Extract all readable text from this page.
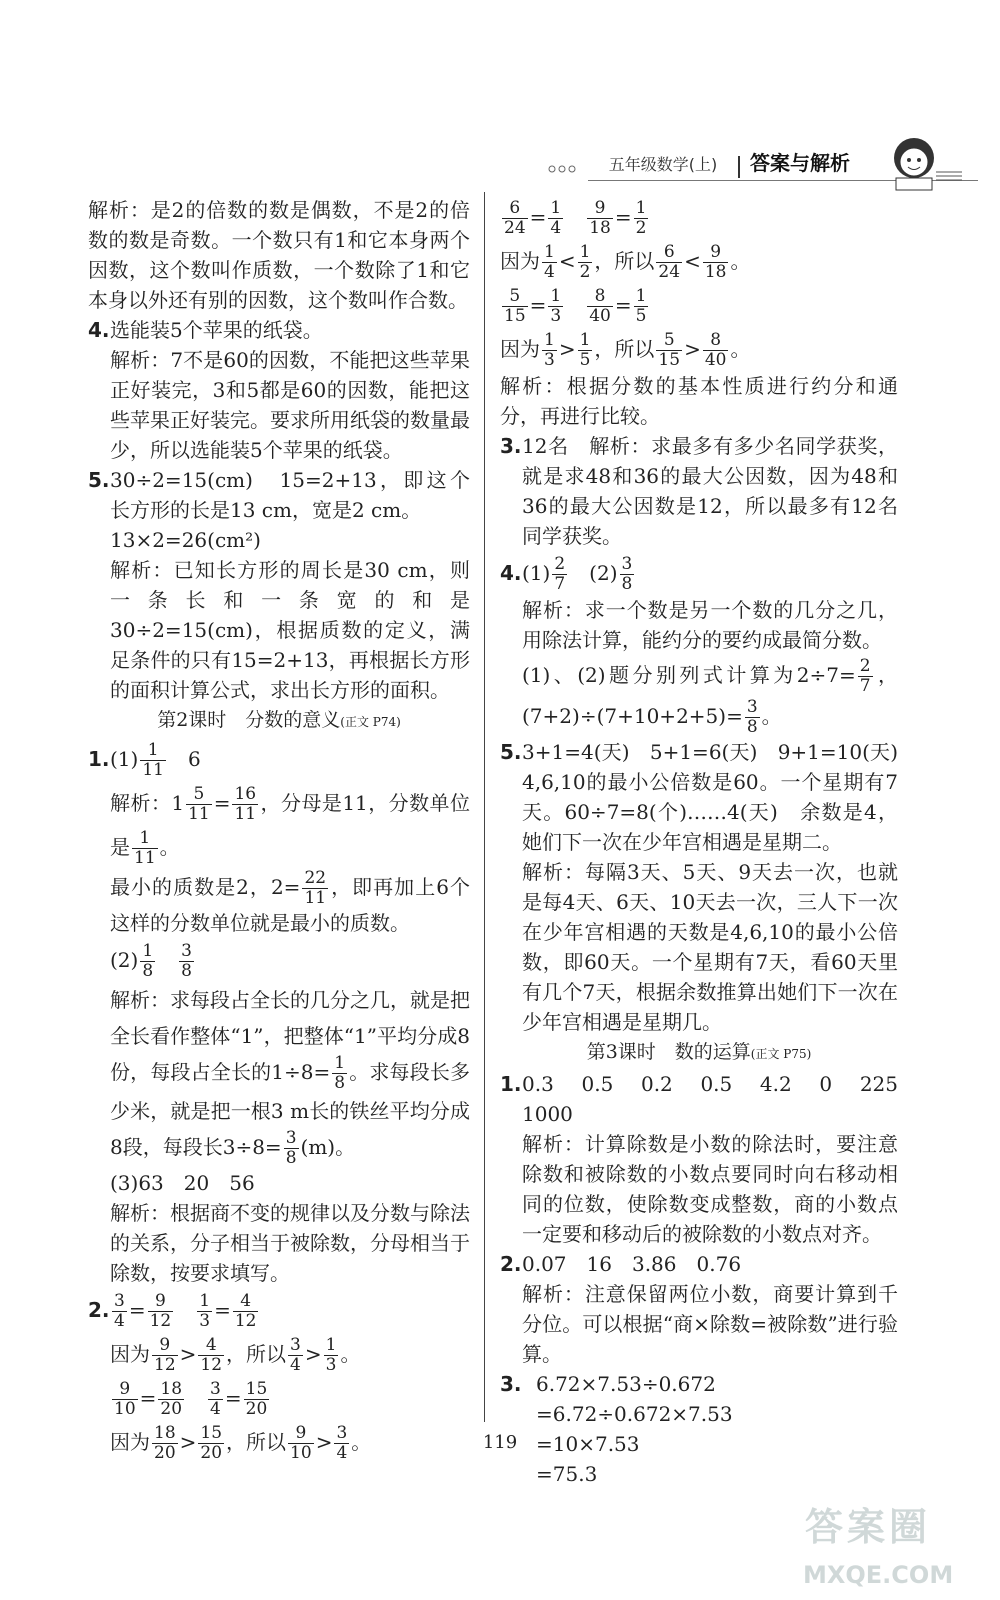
五年级数学(上)	答案与解析

解析：是2的倍数的数是偶数，不是2的倍数的数是奇数。一个数只有1和它本身两个因数，这个数叫作质数，一个数除了1和它本身以外还有别的因数，这个数叫作合数。

4.选能装5个苹果的纸袋。

解析：7不是60的因数，不能把这些苹果正好装完，3和5都是60的因数，能把这些苹果正好装完。要求所用纸袋的数量最少，所以选能装5个苹果的纸袋。

5.30÷2=15(cm)　15=2+13，即这个长方形的长是13 cm，宽是2 cm。

13×2=26(cm²)

解析：已知长方形的周长是30 cm，则一条长和一条宽的和是30÷2=15(cm)，根据质数的定义，满足条件的只有15=2+13，再根据长方形的面积计算公式，求出长方形的面积。

第2课时　分数的意义(正文 P74)

$1.(1) \frac{1}{11}$ 　6

解析：$1 \frac{5}{11} = \frac{16}{11}$ ，分母是11，分数单位是 $\frac{1}{11}$ 。

最小的质数是2，$2= \frac{22}{11}$ ，即再加上6个这样的分数单位就是最小的质数。

$(2) \frac{1}{8}$
　 $\frac{3}{8}$

解析：求每段占全长的几分之几，就是把全长看作整体“1”，把整体“1”平均分成8份，每段占全长的$1\div 8= \frac{1}{8}$ 。求每段长多少米，就是把一根3 m长的铁丝平均分成8段，每段长$3\div 8= \frac{3}{8} (m)$。

(3)63　20　56

解析：根据商不变的规律以及分数与除法的关系，分子相当于被除数，分母相当于除数，按要求填写。

2. $\frac{3}{4} = \frac{9}{12}$
　 $\frac{1}{3} = \frac{4}{12}$

因为 $\frac{9}{12} > \frac{4}{12}$ ，所以 $\frac{3}{4} > \frac{1}{3}$ 。

$\frac{9}{10} = \frac{18}{20}$
　 $\frac{3}{4} = \frac{15}{20}$

因为 $\frac{18}{20} > \frac{15}{20}$ ，所以 $\frac{9}{10} > \frac{3}{4}$ 。

$\frac{6}{24} = \frac{1}{4}$
　 $\frac{9}{18} = \frac{1}{2}$

因为 $\frac{1}{4} < \frac{1}{2}$ ，所以 $\frac{6}{24} < \frac{9}{18}$ 。

$\frac{5}{15} = \frac{1}{3}$
　 $\frac{8}{40} = \frac{1}{5}$

因为 $\frac{1}{3} > \frac{1}{5}$ ，所以 $\frac{5}{15} > \frac{8}{40}$ 。

解析：根据分数的基本性质进行约分和通分，再进行比较。

3.12名　解析：求最多有多少名同学获奖，就是求48和36的最大公因数，因为48和36的最大公因数是12，所以最多有12名同学获奖。

$4.(1) \frac{2}{7}$ 　$(2) \frac{3}{8}$

解析：求一个数是另一个数的几分之几，用除法计算，能约分的要约成最简分数。

(1)、(2)题分别列式计算为$2\div 7= \frac{2}{7}$ ，$(7+2)\div(7+10+2+5)= \frac{3}{8}$ 。

5.3+1=4(天)　5+1=6(天)　9+1=10(天)　4,6,10的最小公倍数是60。一个星期有7天。60÷7=8(个)……4(天)　余数是4，她们下一次在少年宫相遇是星期二。

解析：每隔3天、5天、9天去一次，也就是每4天、6天、10天去一次，三人下一次在少年宫相遇的天数是4,6,10的最小公倍数，即60天。一个星期有7天，看60天里有几个7天，根据余数推算出她们下一次在少年宫相遇是星期几。

第3课时　数的运算(正文 P75)

1.0.3　0.5　0.2　0.5　4.2　0　225　1000

解析：计算除数是小数的除法时，要注意除数和被除数的小数点要同时向右移动相同的位数，使除数变成整数，商的小数点一定要和移动后的被除数的小数点对齐。

2.0.07　16　3.86　0.76

解析：注意保留两位小数，商要计算到千分位。可以根据“商×除数=被除数”进行验算。

3. 6.72×7.53÷0.672

=6.72÷0.672×7.53

=10×7.53

=75.3

119
答案圈
MXQE.COM
